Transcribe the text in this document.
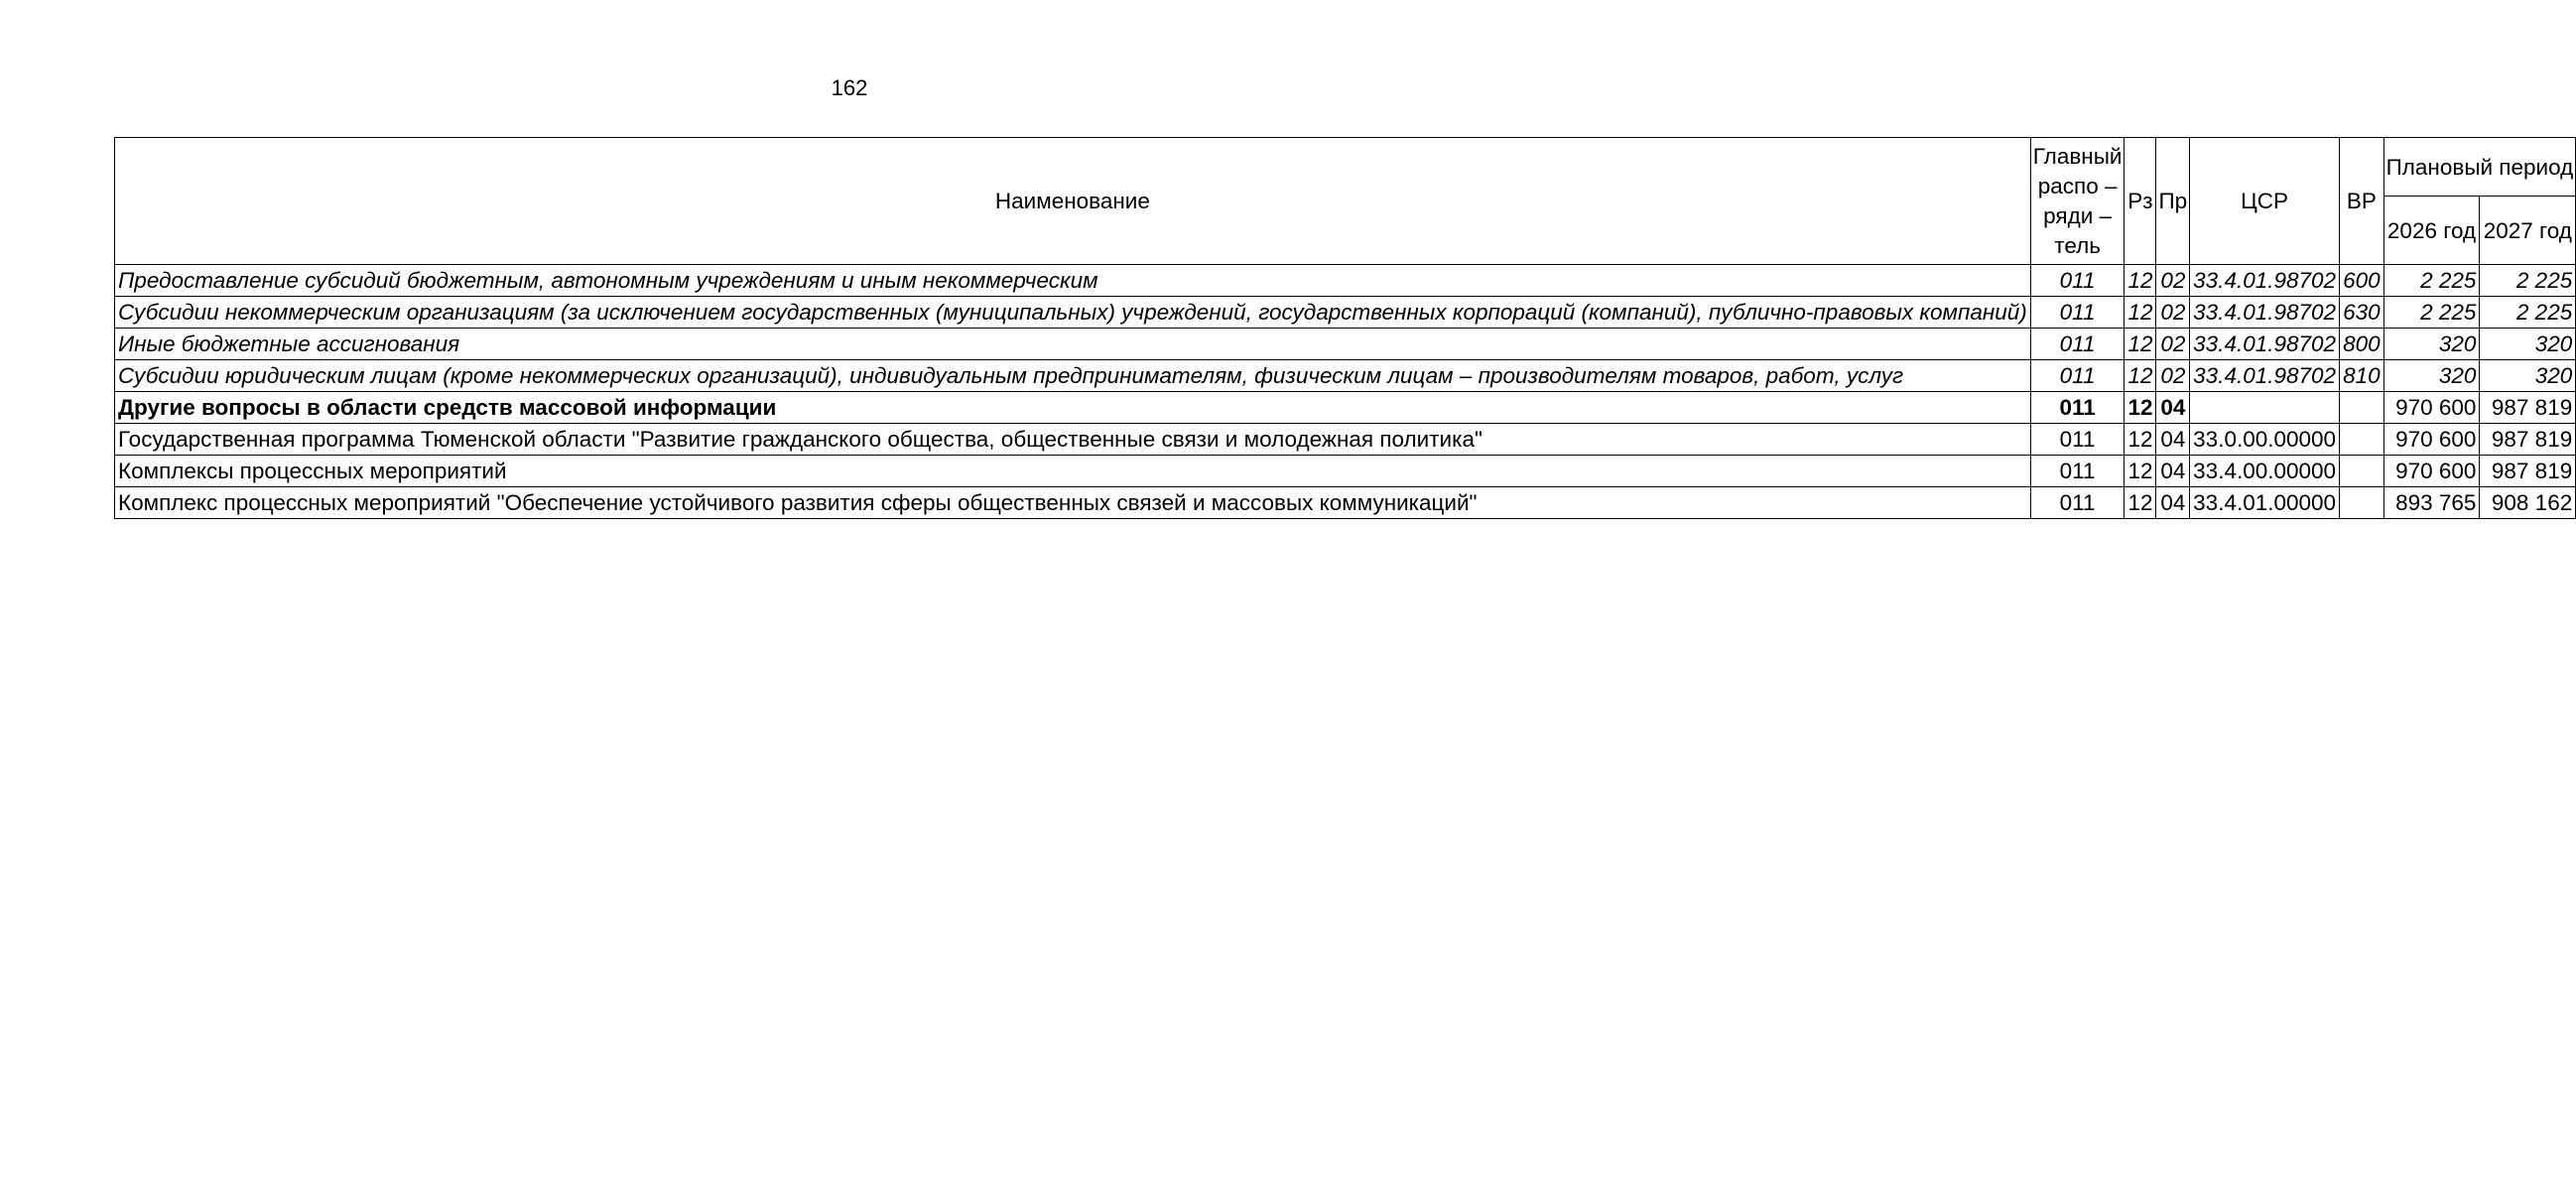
162
Наименование	Главный
распо –
ряди –
тель	Рз	Пр	ЦСР	ВР	Плановый период	
						2026 год	2027 год
Предоставление субсидий бюджетным, автономным учреждениям и иным некоммерческим	011	12	02	33.4.01.98702	600	2 225	2 225
Субсидии некоммерческим организациям (за исключением государственных (муниципальных) учреждений, государственных корпораций (компаний), публично-правовых компаний)	011	12	02	33.4.01.98702	630	2 225	2 225
Иные бюджетные ассигнования	011	12	02	33.4.01.98702	800	320	320
Субсидии юридическим лицам (кроме некоммерческих организаций), индивидуальным предпринимателям, физическим лицам – производителям товаров, работ, услуг	011	12	02	33.4.01.98702	810	320	320
Другие вопросы в области средств массовой информации	011	12	04			970 600	987 819
Государственная программа Тюменской области "Развитие гражданского общества, общественные связи и молодежная политика"	011	12	04	33.0.00.00000		970 600	987 819
Комплексы процессных мероприятий	011	12	04	33.4.00.00000		970 600	987 819
Комплекс процессных мероприятий "Обеспечение устойчивого развития сферы общественных связей и массовых коммуникаций"	011	12	04	33.4.01.00000		893 765	908 162
